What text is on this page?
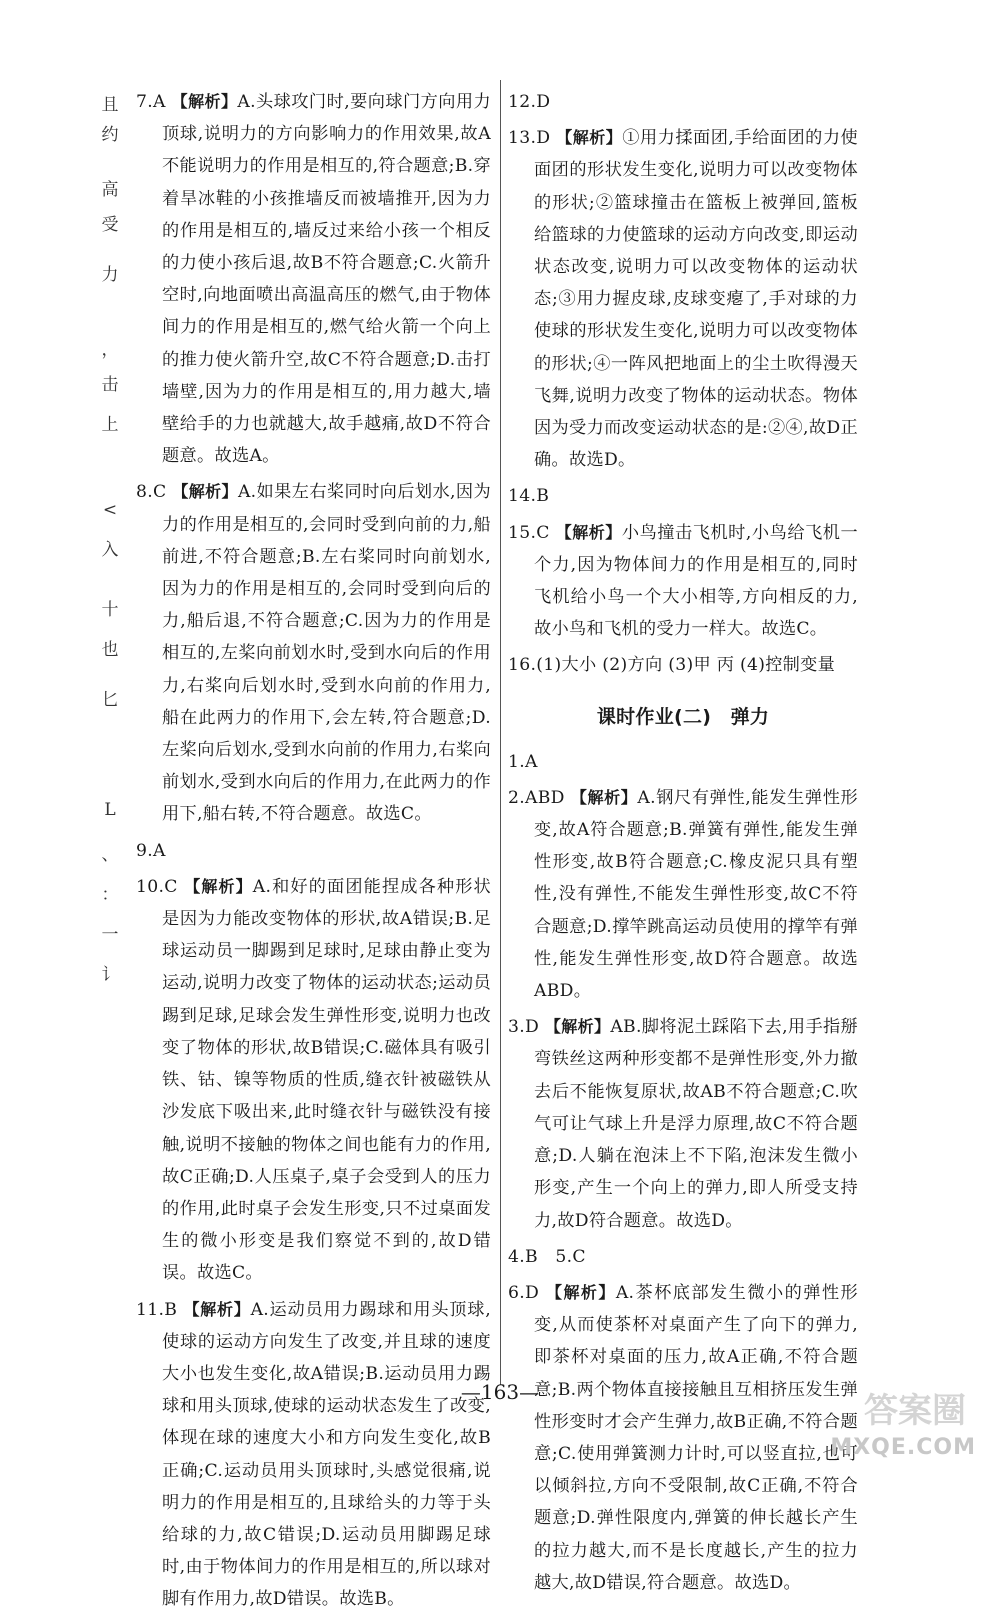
且
约
高
受
力
，
击
上
<
入
十
也
匕
L
、
：
一
讠
7.A 【解析】A.头球攻门时,要向球门方向用力顶球,说明力的方向影响力的作用效果,故A不能说明力的作用是相互的,符合题意;B.穿着旱冰鞋的小孩推墙反而被墙推开,因为力的作用是相互的,墙反过来给小孩一个相反的力使小孩后退,故B不符合题意;C.火箭升空时,向地面喷出高温高压的燃气,由于物体间力的作用是相互的,燃气给火箭一个向上的推力使火箭升空,故C不符合题意;D.击打墙壁,因为力的作用是相互的,用力越大,墙壁给手的力也就越大,故手越痛,故D不符合题意。故选A。
8.C 【解析】A.如果左右桨同时向后划水,因为力的作用是相互的,会同时受到向前的力,船前进,不符合题意;B.左右桨同时向前划水,因为力的作用是相互的,会同时受到向后的力,船后退,不符合题意;C.因为力的作用是相互的,左桨向前划水时,受到水向后的作用力,右桨向后划水时,受到水向前的作用力,船在此两力的作用下,会左转,符合题意;D.左桨向后划水,受到水向前的作用力,右桨向前划水,受到水向后的作用力,在此两力的作用下,船右转,不符合题意。故选C。
9.A
10.C 【解析】A.和好的面团能捏成各种形状是因为力能改变物体的形状,故A错误;B.足球运动员一脚踢到足球时,足球由静止变为运动,说明力改变了物体的运动状态;运动员踢到足球,足球会发生弹性形变,说明力也改变了物体的形状,故B错误;C.磁体具有吸引铁、钴、镍等物质的性质,缝衣针被磁铁从沙发底下吸出来,此时缝衣针与磁铁没有接触,说明不接触的物体之间也能有力的作用,故C正确;D.人压桌子,桌子会受到人的压力的作用,此时桌子会发生形变,只不过桌面发生的微小形变是我们察觉不到的,故D错误。故选C。
11.B 【解析】A.运动员用力踢球和用头顶球,使球的运动方向发生了改变,并且球的速度大小也发生变化,故A错误;B.运动员用力踢球和用头顶球,使球的运动状态发生了改变,体现在球的速度大小和方向发生变化,故B正确;C.运动员用头顶球时,头感觉很痛,说明力的作用是相互的,且球给头的力等于头给球的力,故C错误;D.运动员用脚踢足球时,由于物体间力的作用是相互的,所以球对脚有作用力,故D错误。故选B。
12.D
13.D 【解析】①用力揉面团,手给面团的力使面团的形状发生变化,说明力可以改变物体的形状;②篮球撞击在篮板上被弹回,篮板给篮球的力使篮球的运动方向改变,即运动状态改变,说明力可以改变物体的运动状态;③用力握皮球,皮球变瘪了,手对球的力使球的形状发生变化,说明力可以改变物体的形状;④一阵风把地面上的尘土吹得漫天飞舞,说明力改变了物体的运动状态。物体因为受力而改变运动状态的是:②④,故D正确。故选D。
14.B
15.C 【解析】小鸟撞击飞机时,小鸟给飞机一个力,因为物体间力的作用是相互的,同时飞机给小鸟一个大小相等,方向相反的力,故小鸟和飞机的受力一样大。故选C。
16.(1)大小 (2)方向 (3)甲 丙 (4)控制变量
课时作业(二)　弹力
1.A
2.ABD 【解析】A.钢尺有弹性,能发生弹性形变,故A符合题意;B.弹簧有弹性,能发生弹性形变,故B符合题意;C.橡皮泥只具有塑性,没有弹性,不能发生弹性形变,故C不符合题意;D.撑竿跳高运动员使用的撑竿有弹性,能发生弹性形变,故D符合题意。故选ABD。
3.D 【解析】AB.脚将泥土踩陷下去,用手指掰弯铁丝这两种形变都不是弹性形变,外力撤去后不能恢复原状,故AB不符合题意;C.吹气可让气球上升是浮力原理,故C不符合题意;D.人躺在泡沫上不下陷,泡沫发生微小形变,产生一个向上的弹力,即人所受支持力,故D符合题意。故选D。
4.B　5.C
6.D 【解析】A.茶杯底部发生微小的弹性形变,从而使茶杯对桌面产生了向下的弹力,即茶杯对桌面的压力,故A正确,不符合题意;B.两个物体直接接触且互相挤压发生弹性形变时才会产生弹力,故B正确,不符合题意;C.使用弹簧测力计时,可以竖直拉,也可以倾斜拉,方向不受限制,故C正确,不符合题意;D.弹性限度内,弹簧的伸长越长产生的拉力越大,而不是长度越长,产生的拉力越大,故D错误,符合题意。故选D。
—163—	答案圈
MXQE.COM
